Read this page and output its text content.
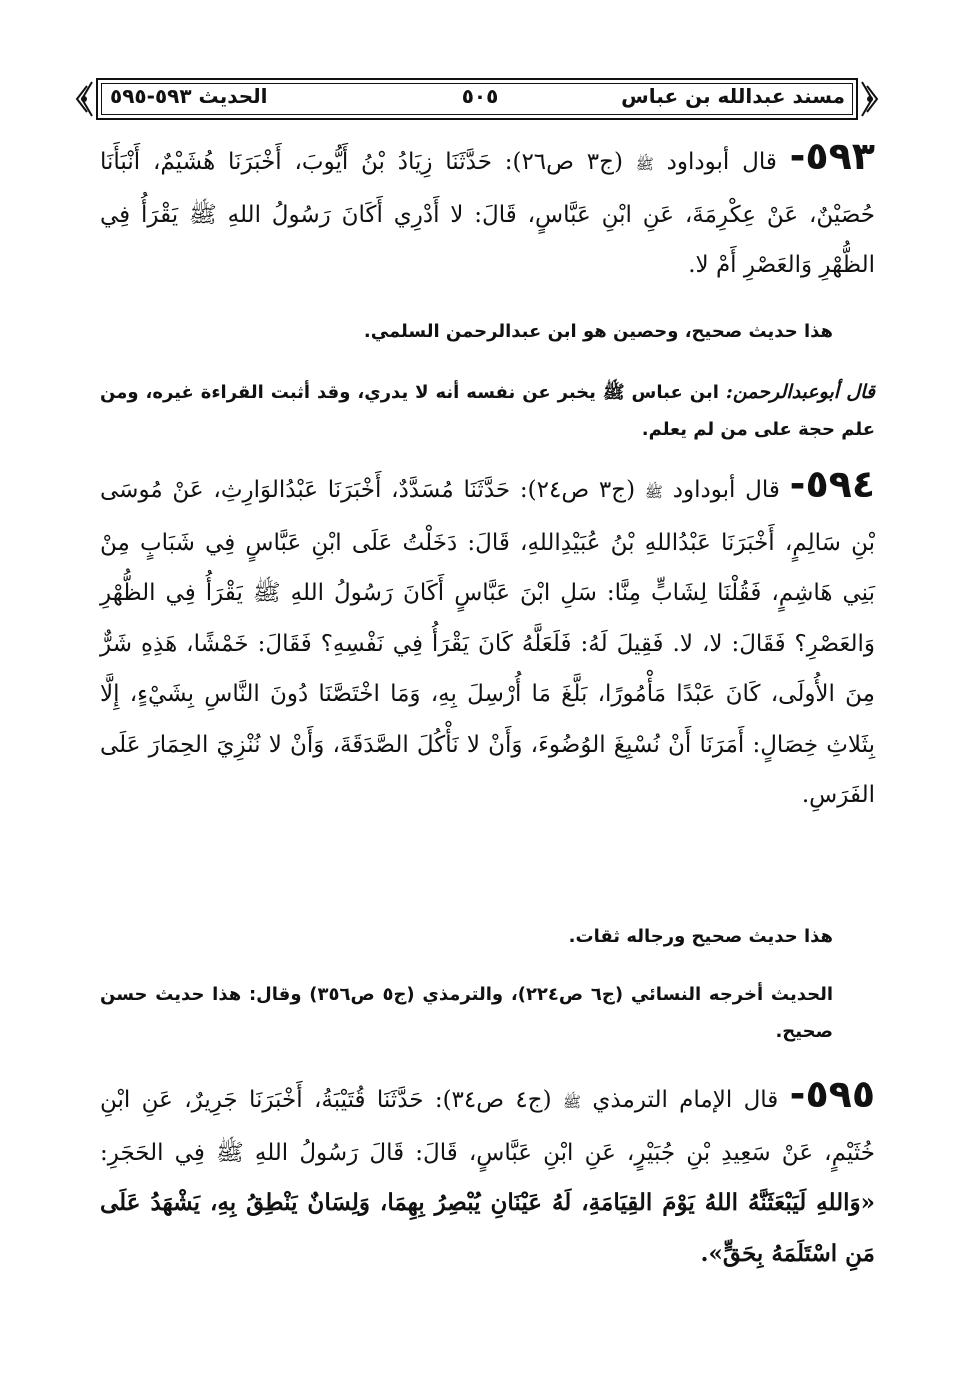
مسند عبدالله بن عباس
٥٠٥
الحديث ٥٩٣-٥٩٥
٥٩٣- قال أبوداود ﷺ (ج٣ ص٢٦): حَدَّثَنَا زِيَادُ بْنُ أَيُّوبَ، أَخْبَرَنَا هُشَيْمٌ، أَنْبَأَنَا حُصَيْنٌ، عَنْ عِكْرِمَةَ، عَنِ ابْنِ عَبَّاسٍ، قَالَ: لا أَدْرِي أَكَانَ رَسُولُ اللهِ ﷺ يَقْرَأُ فِي الظُّهْرِ وَالعَصْرِ أَمْ لا.
هذا حديث صحيح، وحصين هو ابن عبدالرحمن السلمي.
قال أبوعبدالرحمن: ابن عباس ﷺ يخبر عن نفسه أنه لا يدري، وقد أثبت القراءة غيره، ومن علم حجة على من لم يعلم.
٥٩٤- قال أبوداود ﷺ (ج٣ ص٢٤): حَدَّثَنَا مُسَدَّدٌ، أَخْبَرَنَا عَبْدُالوَارِثِ، عَنْ مُوسَى بْنِ سَالِمٍ، أَخْبَرَنَا عَبْدُاللهِ بْنُ عُبَيْدِاللهِ، قَالَ: دَخَلْتُ عَلَى ابْنِ عَبَّاسٍ فِي شَبَابٍ مِنْ بَنِي هَاشِمٍ، فَقُلْنَا لِشَابٍّ مِنَّا: سَلِ ابْنَ عَبَّاسٍ أَكَانَ رَسُولُ اللهِ ﷺ يَقْرَأُ فِي الظُّهْرِ وَالعَصْرِ؟ فَقَالَ: لا، لا. فَقِيلَ لَهُ: فَلَعَلَّهُ كَانَ يَقْرَأُ فِي نَفْسِهِ؟ فَقَالَ: خَمْشًا، هَذِهِ شَرٌّ مِنَ الأُولَى، كَانَ عَبْدًا مَأْمُورًا، بَلَّغَ مَا أُرْسِلَ بِهِ، وَمَا اخْتَصَّنَا دُونَ النَّاسِ بِشَيْءٍ، إِلَّا بِثَلاثِ خِصَالٍ: أَمَرَنَا أَنْ نُسْبِغَ الوُضُوءَ، وَأَنْ لا نَأْكُلَ الصَّدَقَةَ، وَأَنْ لا نُنْزِيَ الحِمَارَ عَلَى الفَرَسِ.
هذا حديث صحيح ورجاله ثقات.
الحديث أخرجه النسائي (ج٦ ص٢٢٤)، والترمذي (ج٥ ص٣٥٦) وقال: هذا حديث حسن صحيح.
٥٩٥- قال الإمام الترمذي ﷺ (ج٤ ص٣٤): حَدَّثَنَا قُتَيْبَةُ، أَخْبَرَنَا جَرِيرٌ، عَنِ ابْنِ خُثَيْمٍ، عَنْ سَعِيدِ بْنِ جُبَيْرٍ، عَنِ ابْنِ عَبَّاسٍ، قَالَ: قَالَ رَسُولُ اللهِ ﷺ فِي الحَجَرِ: «وَاللهِ لَيَبْعَثَنَّهُ اللهُ يَوْمَ القِيَامَةِ، لَهُ عَيْنَانِ يُبْصِرُ بِهِمَا، وَلِسَانٌ يَنْطِقُ بِهِ، يَشْهَدُ عَلَى مَنِ اسْتَلَمَهُ بِحَقٍّ».
